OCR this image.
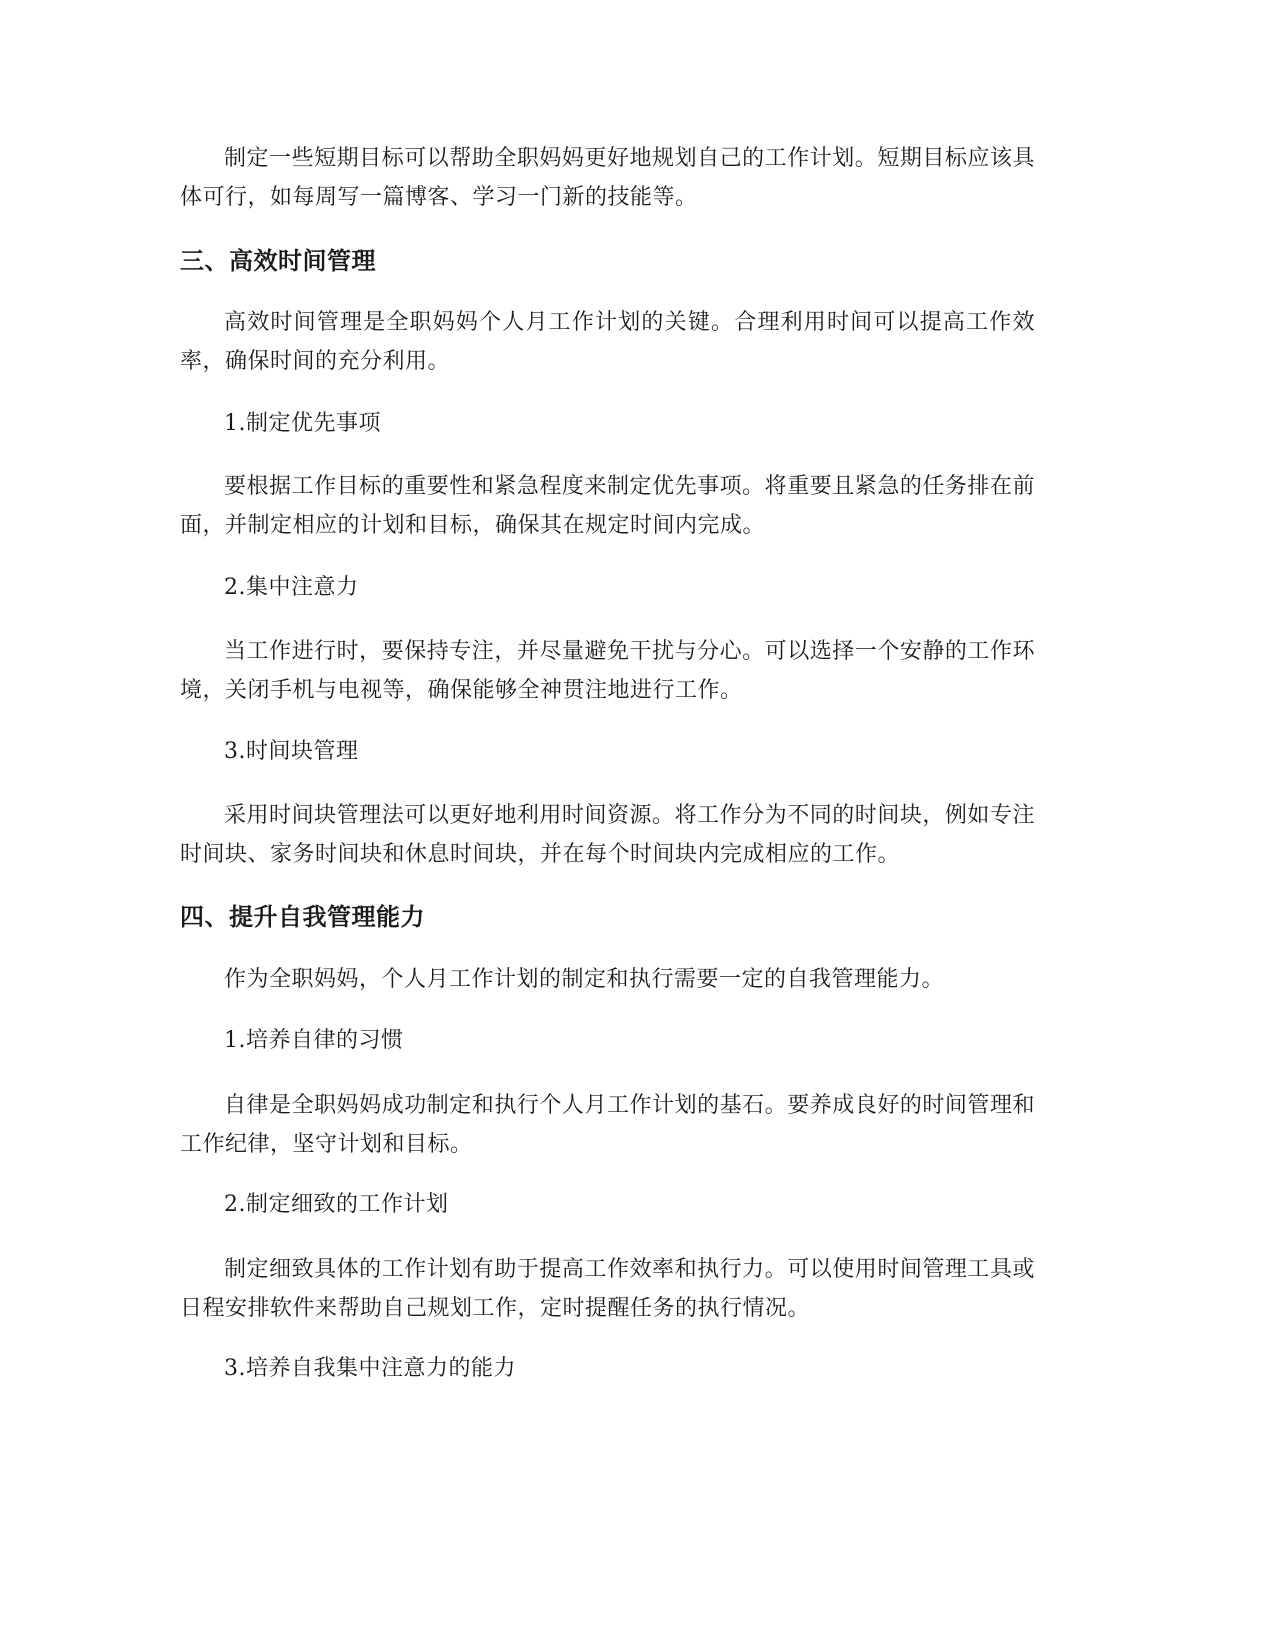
制定一些短期目标可以帮助全职妈妈更好地规划自己的工作计划。短期目标应该具体可行，如每周写一篇博客、学习一门新的技能等。

三、高效时间管理

高效时间管理是全职妈妈个人月工作计划的关键。合理利用时间可以提高工作效率，确保时间的充分利用。

1.制定优先事项

要根据工作目标的重要性和紧急程度来制定优先事项。将重要且紧急的任务排在前面，并制定相应的计划和目标，确保其在规定时间内完成。

2.集中注意力

当工作进行时，要保持专注，并尽量避免干扰与分心。可以选择一个安静的工作环境，关闭手机与电视等，确保能够全神贯注地进行工作。

3.时间块管理

采用时间块管理法可以更好地利用时间资源。将工作分为不同的时间块，例如专注时间块、家务时间块和休息时间块，并在每个时间块内完成相应的工作。

四、提升自我管理能力

作为全职妈妈，个人月工作计划的制定和执行需要一定的自我管理能力。

1.培养自律的习惯

自律是全职妈妈成功制定和执行个人月工作计划的基石。要养成良好的时间管理和工作纪律，坚守计划和目标。

2.制定细致的工作计划

制定细致具体的工作计划有助于提高工作效率和执行力。可以使用时间管理工具或日程安排软件来帮助自己规划工作，定时提醒任务的执行情况。

3.培养自我集中注意力的能力
